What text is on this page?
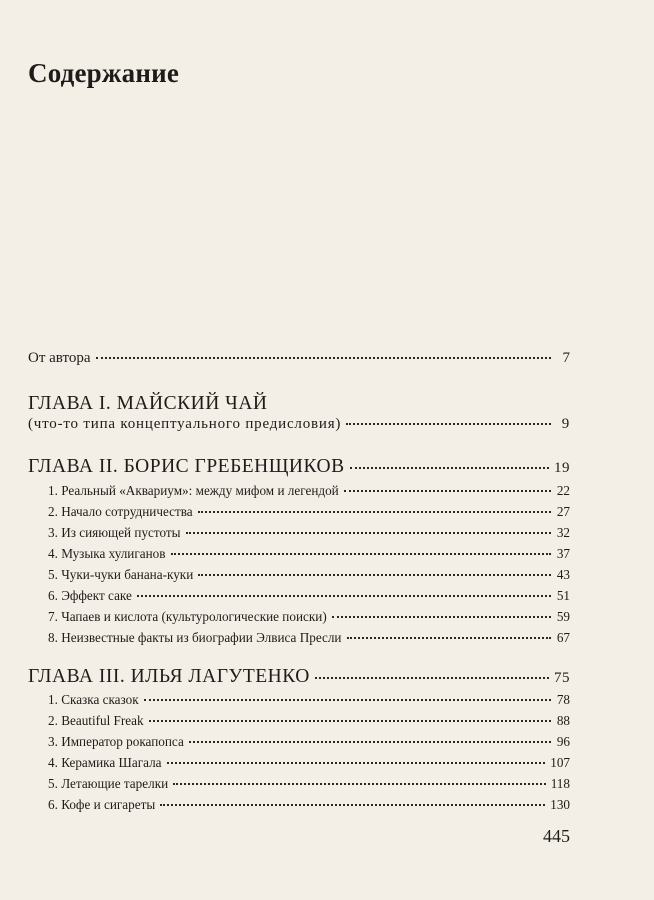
Содержание
От автора	7
ГЛАВА I. МАЙСКИЙ ЧАЙ
(что-то типа концептуального предисловия)	9
ГЛАВА II. БОРИС ГРЕБЕНЩИКОВ	19
1. Реальный «Аквариум»: между мифом и легендой	22
2. Начало сотрудничества	27
3. Из сияющей пустоты	32
4. Музыка хулиганов	37
5. Чуки-чуки банана-куки	43
6. Эффект саке	51
7. Чапаев и кислота (культурологические поиски)	59
8. Неизвестные факты из биографии Элвиса Пресли	67
ГЛАВА III. ИЛЬЯ ЛАГУТЕНКО	75
1. Сказка сказок	78
2. Beautiful Freak	88
3. Император рокапопса	96
4. Керамика Шагала	107
5. Летающие тарелки	118
6. Кофе и сигареты	130
445
